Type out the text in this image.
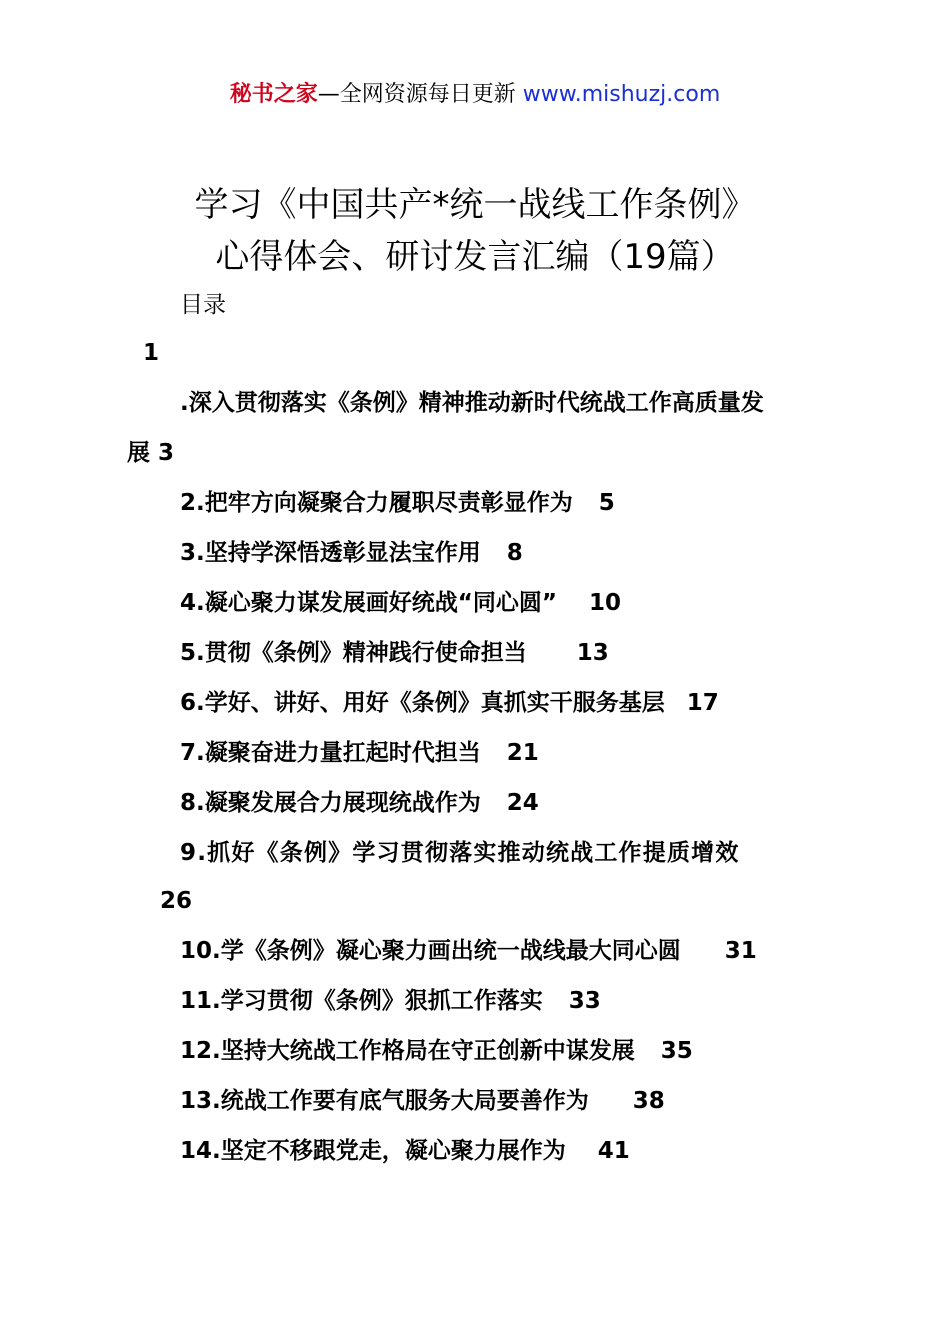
秘书之家—全网资源每日更新 www.mishuzj.com
学习《中国共产*统一战线工作条例》
心得体会、研讨发言汇编（19篇）
目录
1
.深入贯彻落实《条例》精神推动新时代统战工作高质量发
展 3
2.把牢方向凝聚合力履职尽责彰显作为 5
3.坚持学深悟透彰显法宝作用 8
4.凝心聚力谋发展画好统战“同心圆” 10
5.贯彻《条例》精神践行使命担当 13
6.学好、讲好、用好《条例》真抓实干服务基层 17
7.凝聚奋进力量扛起时代担当 21
8.凝聚发展合力展现统战作为 24
9.抓好《条例》学习贯彻落实推动统战工作提质增效
26
10.学《条例》凝心聚力画出统一战线最大同心圆 31
11.学习贯彻《条例》狠抓工作落实 33
12.坚持大统战工作格局在守正创新中谋发展 35
13.统战工作要有底气服务大局要善作为 38
14.坚定不移跟党走，凝心聚力展作为 41
